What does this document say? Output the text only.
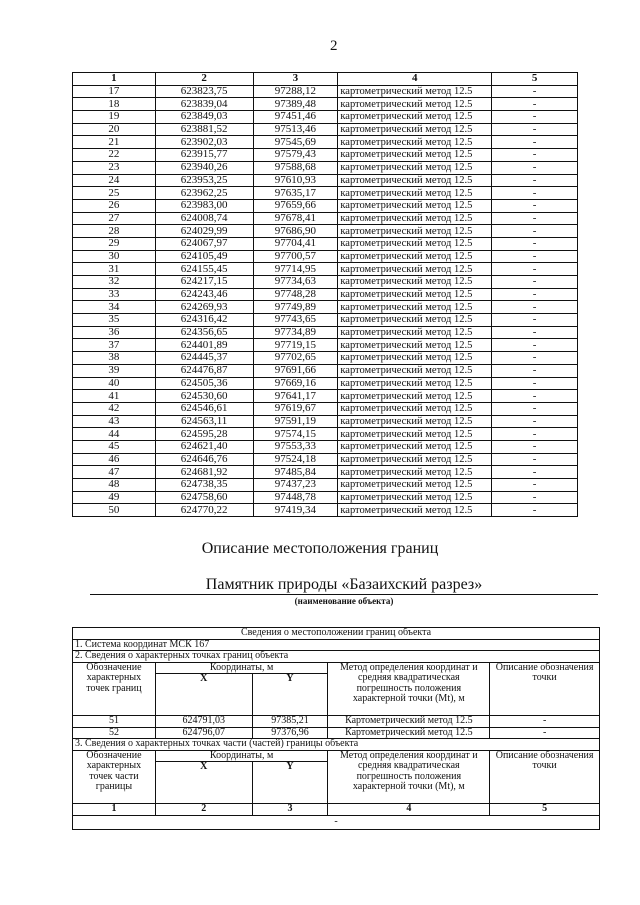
2
1	2	3	4	5
17	623823,75	97288,12	картометрический метод 12.5	-
18	623839,04	97389,48	картометрический метод 12.5	-
19	623849,03	97451,46	картометрический метод 12.5	-
20	623881,52	97513,46	картометрический метод 12.5	-
21	623902,03	97545,69	картометрический метод 12.5	-
22	623915,77	97579,43	картометрический метод 12.5	-
23	623940,26	97588,68	картометрический метод 12.5	-
24	623953,25	97610,93	картометрический метод 12.5	-
25	623962,25	97635,17	картометрический метод 12.5	-
26	623983,00	97659,66	картометрический метод 12.5	-
27	624008,74	97678,41	картометрический метод 12.5	-
28	624029,99	97686,90	картометрический метод 12.5	-
29	624067,97	97704,41	картометрический метод 12.5	-
30	624105,49	97700,57	картометрический метод 12.5	-
31	624155,45	97714,95	картометрический метод 12.5	-
32	624217,15	97734,63	картометрический метод 12.5	-
33	624243,46	97748,28	картометрический метод 12.5	-
34	624269,93	97749,89	картометрический метод 12.5	-
35	624316,42	97743,65	картометрический метод 12.5	-
36	624356,65	97734,89	картометрический метод 12.5	-
37	624401,89	97719,15	картометрический метод 12.5	-
38	624445,37	97702,65	картометрический метод 12.5	-
39	624476,87	97691,66	картометрический метод 12.5	-
40	624505,36	97669,16	картометрический метод 12.5	-
41	624530,60	97641,17	картометрический метод 12.5	-
42	624546,61	97619,67	картометрический метод 12.5	-
43	624563,11	97591,19	картометрический метод 12.5	-
44	624595,28	97574,15	картометрический метод 12.5	-
45	624621,40	97553,33	картометрический метод 12.5	-
46	624646,76	97524,18	картометрический метод 12.5	-
47	624681,92	97485,84	картометрический метод 12.5	-
48	624738,35	97437,23	картометрический метод 12.5	-
49	624758,60	97448,78	картометрический метод 12.5	-
50	624770,22	97419,34	картометрический метод 12.5	-
Описание местоположения границ
Памятник природы «Базаихский разрез»
(наименование объекта)
Сведения о местоположении границ объекта				
1. Система координат МСК 167				
2. Сведения о характерных точках границ объекта				
Обозначение характерных точек границ	Координаты, м		Метод определения координат и средняя квадратическая погрешность положения характерной точки (Мt), м	Описание обозначения точки
	X	Y		
51	624791,03	97385,21	Картометрический метод 12.5	-
52	624796,07	97376,96	Картометрический метод 12.5	-
3. Сведения о характерных точках части (частей) границы объекта				
Обозначение характерных точек части границы	Координаты, м		Метод определения координат и средняя квадратическая погрешность положения характерной точки (Мt), м	Описание обозначения точки
	X	Y		
1	2	3	4	5
-				
